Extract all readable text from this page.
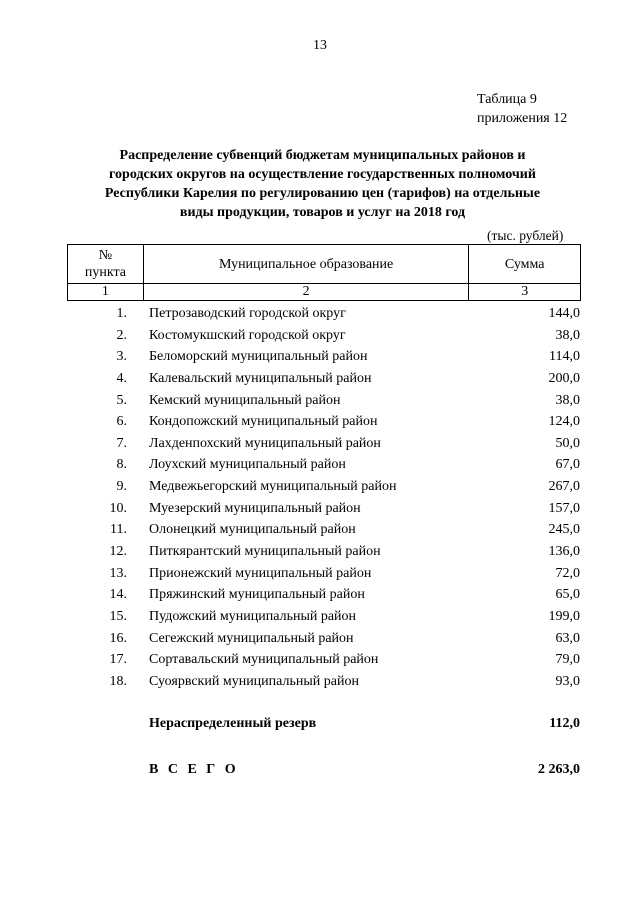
13
Таблица 9
приложения 12
Распределение субвенций бюджетам муниципальных районов и
городских округов на осуществление государственных полномочий
Республики Карелия по регулированию цен (тарифов) на отдельные
виды продукции, товаров и услуг на 2018 год
(тыс. рублей)
№
пункта	Муниципальное образование	Сумма
1	2	3
1.	Петрозаводский городской округ	144,0
2.	Костомукшский городской округ	38,0
3.	Беломорский муниципальный район	114,0
4.	Калевальский муниципальный район	200,0
5.	Кемский муниципальный район	38,0
6.	Кондопожский муниципальный район	124,0
7.	Лахденпохский муниципальный район	50,0
8.	Лоухский муниципальный район	67,0
9.	Медвежьегорский муниципальный район	267,0
10.	Муезерский муниципальный район	157,0
11.	Олонецкий муниципальный район	245,0
12.	Питкярантский муниципальный район	136,0
13.	Прионежский муниципальный район	72,0
14.	Пряжинский муниципальный район	65,0
15.	Пудожский муниципальный район	199,0
16.	Сегежский муниципальный район	63,0
17.	Сортавальский муниципальный район	79,0
18.	Суоярвский муниципальный район	93,0
Нераспределенный резерв	112,0
В С Е Г О	2 263,0
